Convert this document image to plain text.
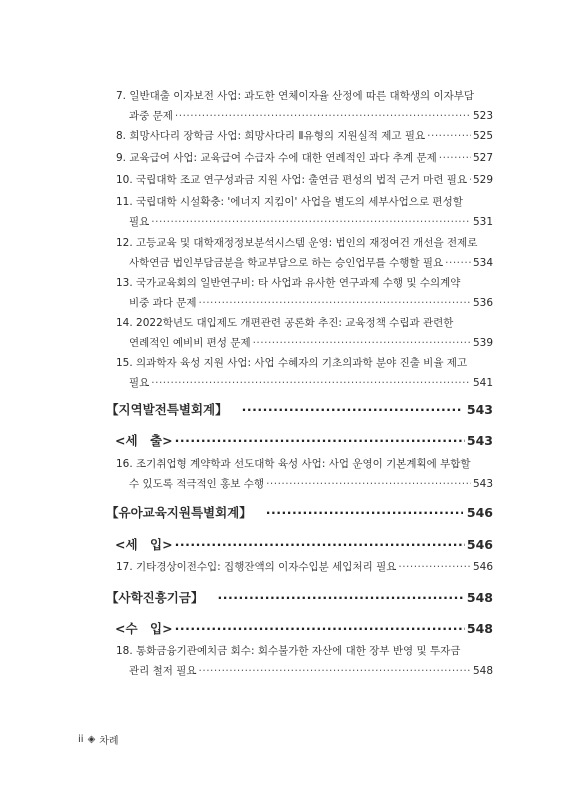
7. 일반대출 이자보전 사업: 과도한 연체이자율 산정에 따른 대학생의 이자부담
과중 문제 ·····	523
8. 희망사다리 장학금 사업: 희망사다리 Ⅱ유형의 지원실적 제고 필요 ·····	525
9. 교육급여 사업: 교육급여 수급자 수에 대한 연례적인 과다 추계 문제 ·····	527
10. 국립대학 조교 연구성과금 지원 사업: 출연금 편성의 법적 근거 마련 필요 ····· 529
11. 국립대학 시설확충: '에너지 지킴이' 사업을 별도의 세부사업으로 편성할
필요 ·····	531
12. 고등교육 및 대학재정정보분석시스템 운영: 법인의 재정여건 개선을 전제로
사학연금 법인부담금분을 학교부담으로 하는 승인업무를 수행할 필요 ·····	534
13. 국가교육회의 일반연구비: 타 사업과 유사한 연구과제 수행 및 수의계약
비중 과다 문제 ·····	536
14. 2022학년도 대입제도 개편관련 공론화 추진: 교육정책 수립과 관련한
연례적인 예비비 편성 문제 ·····	539
15. 의과학자 육성 지원 사업: 사업 수혜자의 기초의과학 분야 진출 비율 제고
필요 ·····	541
【지역발전특별회계】 ·····	543
<세　출> ·····	543
16. 조기취업형 계약학과 선도대학 육성 사업: 사업 운영이 기본계획에 부합할
수 있도록 적극적인 홍보 수행 ·····	543
【유아교육지원특별회계】 ·····	546
<세　입> ·····	546
17. 기타경상이전수입: 집행잔액의 이자수입분 세입처리 필요 ·····	546
【사학진흥기금】 ·····	548
<수　입> ·····	548
18. 통화금융기관예치금 회수: 회수불가한 자산에 대한 장부 반영 및 투자금
관리 철저 필요 ·····	548
ii ◈ 차례
